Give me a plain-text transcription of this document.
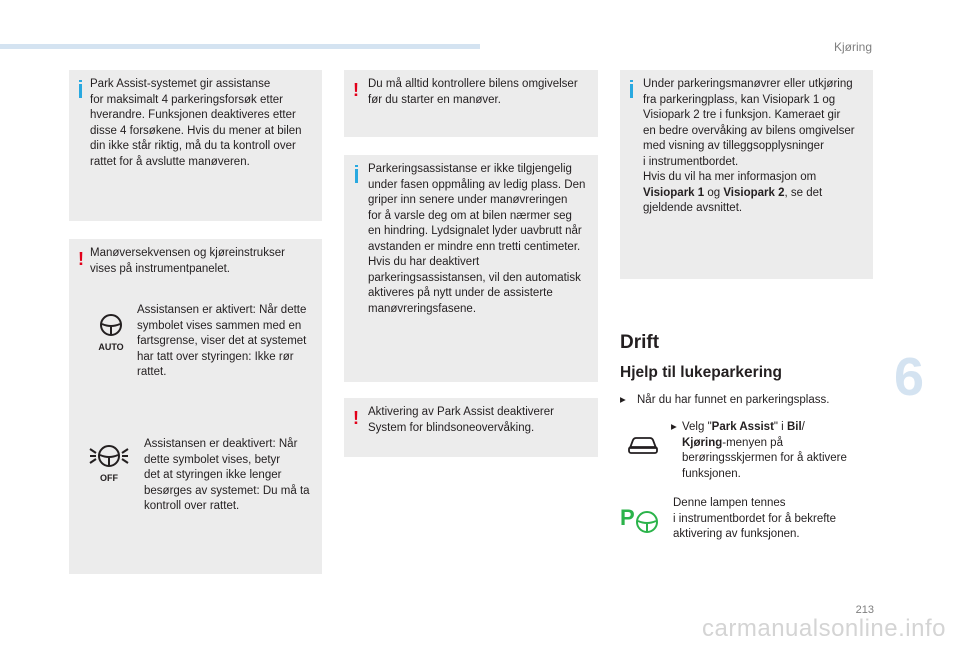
Kjøring
6
213
Park Assist-systemet gir assistanse
for maksimalt 4 parkeringsforsøk etter
hverandre. Funksjonen deaktiveres etter
disse 4 forsøkene. Hvis du mener at bilen
din ikke står riktig, må du ta kontroll over
rattet for å avslutte manøveren.
! Manøversekvensen og kjøreinstrukser
vises på instrumentpanelet.
AUTO
Assistansen er aktivert: Når dette
symbolet vises sammen med en
fartsgrense, viser det at systemet
har tatt over styringen: Ikke rør
rattet.
OFF
Assistansen er deaktivert: Når
dette symbolet vises, betyr
det at styringen ikke lenger
besørges av systemet: Du må ta
kontroll over rattet.
! Du må alltid kontrollere bilens omgivelser
før du starter en manøver.
Parkeringsassistanse er ikke tilgjengelig
under fasen oppmåling av ledig plass. Den
griper inn senere under manøvreringen
for å varsle deg om at bilen nærmer seg
en hindring. Lydsignalet lyder uavbrutt når
avstanden er mindre enn tretti centimeter.
Hvis du har deaktivert
parkeringsassistansen, vil den automatisk
aktiveres på nytt under de assisterte
manøvreringsfasene.
! Aktivering av Park Assist deaktiverer
System for blindsoneovervåking.
Under parkeringsmanøvrer eller utkjøring
fra parkeringplass, kan Visiopark 1 og
Visiopark 2 tre i funksjon. Kameraet gir
en bedre overvåking av bilens omgivelser
med visning av tilleggsopplysninger
i instrumentbordet.
Hvis du vil ha mer informasjon om
Visiopark 1 og Visiopark 2, se det
gjeldende avsnittet.
Drift
Hjelp til lukeparkering
▸ Når du har funnet en parkeringsplass.
▸ Velg "Park Assist" i Bil/
Kjøring-menyen på
berøringsskjermen for å aktivere
funksjonen.
P
Denne lampen tennes
i instrumentbordet for å bekrefte
aktivering av funksjonen.
carmanualsonline.info
